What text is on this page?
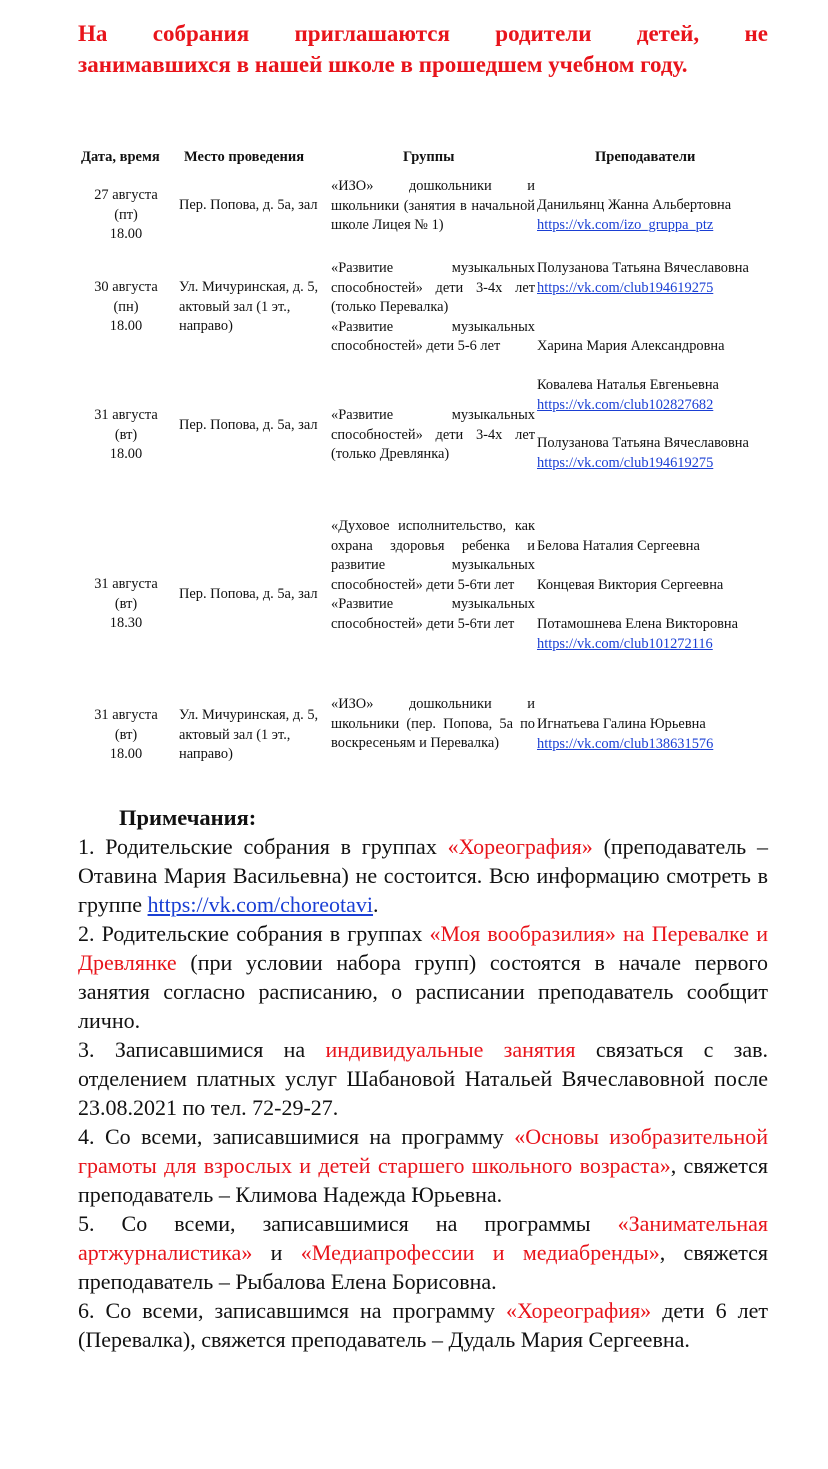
На собрания приглашаются родители детей, не
занимавшихся в нашей школе в прошедшем учебном году.
Дата, время Место проведения	Группы	Преподаватели
27 августа
(пт)
18.00
Пер. Попова, д. 5а, зал
«ИЗО» дошкольники и школьники (занятия в начальной школе Лицея № 1)
Данильянц Жанна Альбертовна
https://vk.com/izo_gruppa_ptz
30 августа
(пн)
18.00
Ул. Мичуринская, д. 5, актовый зал (1 эт., направо)
«Развитие музыкальных способностей» дети 3-4х лет (только Перевалка)
«Развитие музыкальных способностей» дети 5-6 лет
Полузанова Татьяна Вячеславовна
https://vk.com/club194619275
Харина Мария Александровна
31 августа
(вт)
18.00
Пер. Попова, д. 5а, зал
«Развитие музыкальных способностей» дети 3-4х лет (только Древлянка)
Ковалева Наталья Евгеньевна
https://vk.com/club102827682
Полузанова Татьяна Вячеславовна
https://vk.com/club194619275
31 августа
(вт)
18.30
Пер. Попова, д. 5а, зал
«Духовое исполнительство, как охрана здоровья ребенка и развитие музыкальных способностей» дети 5-6ти лет
«Развитие музыкальных способностей» дети 5-6ти лет
Белова Наталия Сергеевна
Концевая Виктория Сергеевна
Потамошнева Елена Викторовна
https://vk.com/club101272116
31 августа
(вт)
18.00
Ул. Мичуринская, д. 5, актовый зал (1 эт., направо)
«ИЗО» дошкольники и школьники (пер. Попова, 5а по воскресеньям и Перевалка)
Игнатьева Галина Юрьевна
https://vk.com/club138631576
Примечания:

1. Родительские собрания в группах «Хореография» (преподаватель – Отавина Мария Васильевна) не состоится. Всю информацию смотреть в группе https://vk.com/choreotavi.

2. Родительские собрания в группах «Моя вообразилия» на Перевалке и Древлянке (при условии набора групп) состоятся в начале первого занятия согласно расписанию, о расписании преподаватель сообщит лично.

3. Записавшимися на индивидуальные занятия связаться с зав. отделением платных услуг Шабановой Натальей Вячеславовной после 23.08.2021 по тел. 72-29-27.

4. Со всеми, записавшимися на программу «Основы изобразительной грамоты для взрослых и детей старшего школьного возраста», свяжется преподаватель – Климова Надежда Юрьевна.

5. Со всеми, записавшимися на программы «Занимательная артжурналистика» и «Медиапрофессии и медиабренды», свяжется преподаватель – Рыбалова Елена Борисовна.

6. Со всеми, записавшимся на программу «Хореография» дети 6 лет (Перевалка), свяжется преподаватель – Дудаль Мария Сергеевна.
